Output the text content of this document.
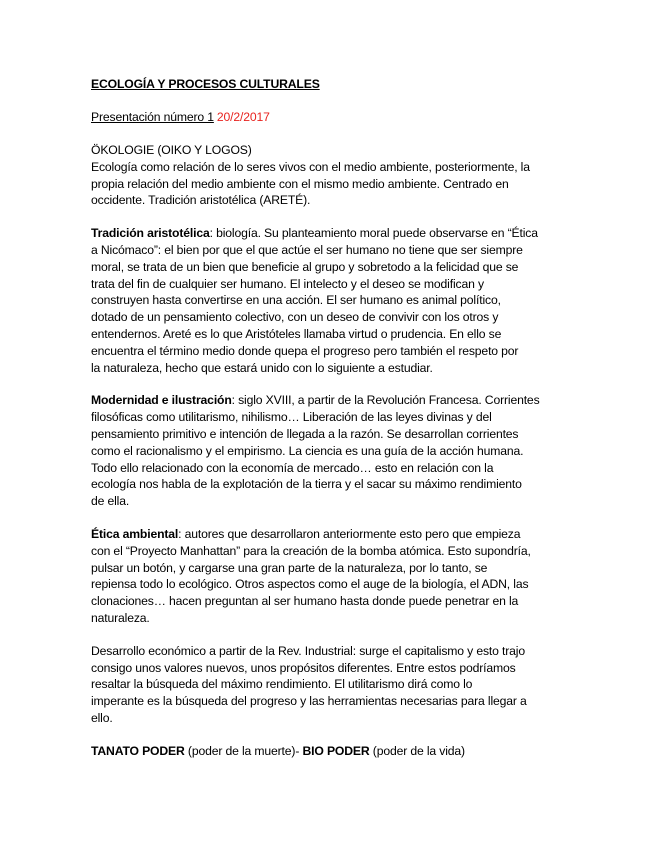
ECOLOGÍA Y PROCESOS CULTURALES

Presentación número 1 20/2/2017
ÖKOLOGIE (OIKO Y LOGOS)
Ecología como relación de lo seres vivos con el medio ambiente, posteriormente, la
propia relación del medio ambiente con el mismo medio ambiente. Centrado en
occidente. Tradición aristotélica (ARETÉ).
Tradición aristotélica: biología. Su planteamiento moral puede observarse en “Ética
a Nicómaco”: el bien por que el que actúe el ser humano no tiene que ser siempre
moral, se trata de un bien que beneficie al grupo y sobretodo a la felicidad que se
trata del fin de cualquier ser humano. El intelecto y el deseo se modifican y
construyen hasta convertirse en una acción. El ser humano es animal político,
dotado de un pensamiento colectivo, con un deseo de convivir con los otros y
entendernos. Areté es lo que Aristóteles llamaba virtud o prudencia. En ello se
encuentra el término medio donde quepa el progreso pero también el respeto por
la naturaleza, hecho que estará unido con lo siguiente a estudiar.
Modernidad e ilustración: siglo XVIII, a partir de la Revolución Francesa. Corrientes
filosóficas como utilitarismo, nihilismo… Liberación de las leyes divinas y del
pensamiento primitivo e intención de llegada a la razón. Se desarrollan corrientes
como el racionalismo y el empirismo. La ciencia es una guía de la acción humana.
Todo ello relacionado con la economía de mercado… esto en relación con la
ecología nos habla de la explotación de la tierra y el sacar su máximo rendimiento
de ella.
Ética ambiental: autores que desarrollaron anteriormente esto pero que empieza
con el “Proyecto Manhattan” para la creación de la bomba atómica. Esto supondría,
pulsar un botón, y cargarse una gran parte de la naturaleza, por lo tanto, se
repiensa todo lo ecológico. Otros aspectos como el auge de la biología, el ADN, las
clonaciones… hacen preguntan al ser humano hasta donde puede penetrar en la
naturaleza.
Desarrollo económico a partir de la Rev. Industrial: surge el capitalismo y esto trajo
consigo unos valores nuevos, unos propósitos diferentes. Entre estos podríamos
resaltar la búsqueda del máximo rendimiento. El utilitarismo dirá como lo
imperante es la búsqueda del progreso y las herramientas necesarias para llegar a
ello.
TANATO PODER (poder de la muerte)- BIO PODER (poder de la vida)
